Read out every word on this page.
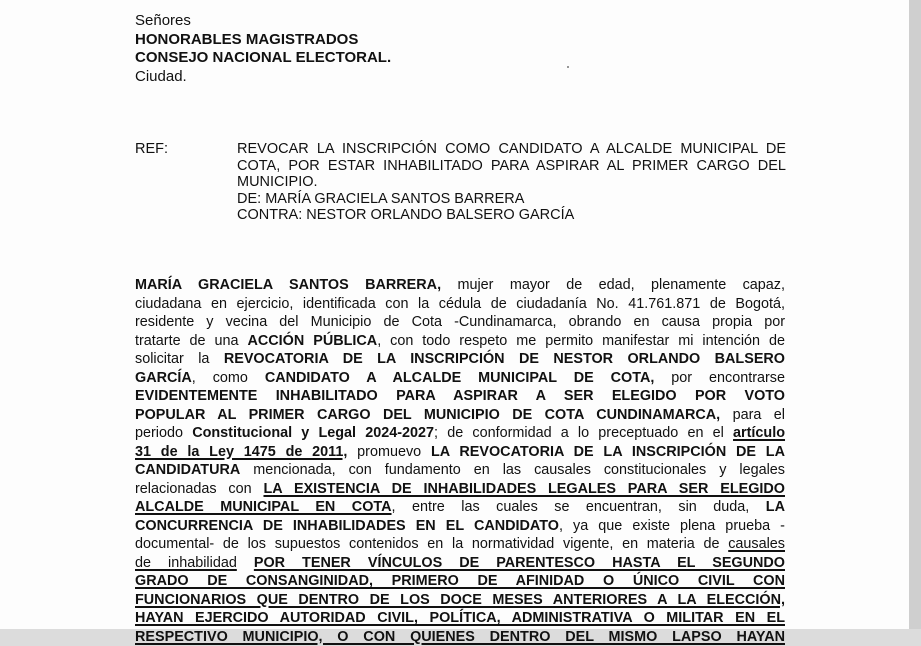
Señores
HONORABLES MAGISTRADOS
CONSEJO NACIONAL ELECTORAL.
Ciudad.
REF:	REVOCAR LA INSCRIPCIÓN COMO CANDIDATO A ALCALDE MUNICIPAL DE
COTA, POR ESTAR INHABILITADO PARA ASPIRAR AL PRIMER CARGO DEL
MUNICIPIO.
DE: MARÍA GRACIELA SANTOS BARRERA
CONTRA: NESTOR ORLANDO BALSERO GARCÍA
MARÍA GRACIELA SANTOS BARRERA, mujer mayor de edad, plenamente capaz,
ciudadana en ejercicio, identificada con la cédula de ciudadanía No. 41.761.871 de Bogotá,
residente y vecina del Municipio de Cota -Cundinamarca, obrando en causa propia por
tratarte de una ACCIÓN PÚBLICA, con todo respeto me permito manifestar mi intención de
solicitar la REVOCATORIA DE LA INSCRIPCIÓN DE NESTOR ORLANDO BALSERO
GARCÍA, como CANDIDATO A ALCALDE MUNICIPAL DE COTA, por encontrarse
EVIDENTEMENTE INHABILITADO PARA ASPIRAR A SER ELEGIDO POR VOTO
POPULAR AL PRIMER CARGO DEL MUNICIPIO DE COTA CUNDINAMARCA, para el
periodo Constitucional y Legal 2024-2027; de conformidad a lo preceptuado en el artículo
31 de la Ley 1475 de 2011, promuevo LA REVOCATORIA DE LA INSCRIPCIÓN DE LA
CANDIDATURA mencionada, con fundamento en las causales constitucionales y legales
relacionadas con LA EXISTENCIA DE INHABILIDADES LEGALES PARA SER ELEGIDO
ALCALDE MUNICIPAL EN COTA, entre las cuales se encuentran, sin duda, LA
CONCURRENCIA DE INHABILIDADES EN EL CANDIDATO, ya que existe plena prueba -
documental- de los supuestos contenidos en la normatividad vigente, en materia de causales
de inhabilidad POR TENER VÍNCULOS DE PARENTESCO HASTA EL SEGUNDO
GRADO DE CONSANGINIDAD, PRIMERO DE AFINIDAD O ÚNICO CIVIL CON
FUNCIONARIOS QUE DENTRO DE LOS DOCE MESES ANTERIORES A LA ELECCIÓN,
HAYAN EJERCIDO AUTORIDAD CIVIL, POLÍTICA, ADMINISTRATIVA O MILITAR EN EL
RESPECTIVO MUNICIPIO, O CON QUIENES DENTRO DEL MISMO LAPSO HAYAN
